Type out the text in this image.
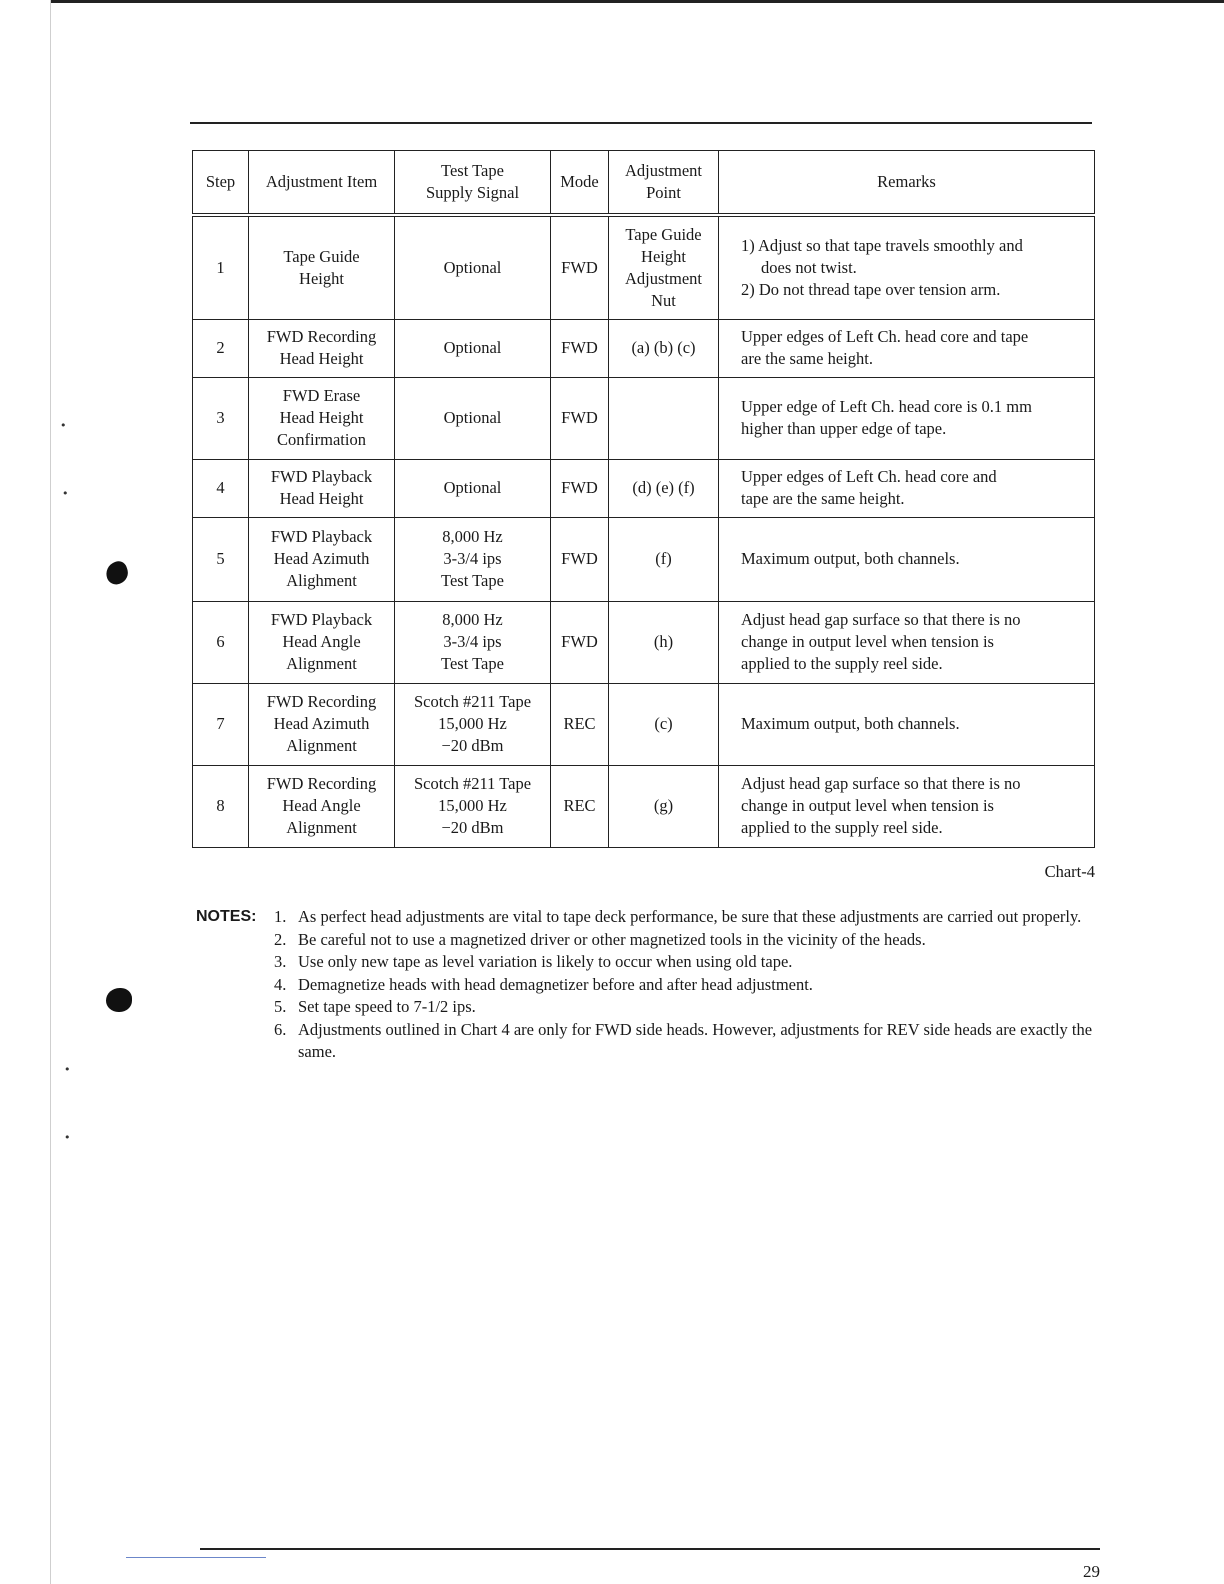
•
•
•
•
Step	Adjustment Item	Test Tape
Supply Signal	Mode	Adjustment
Point	Remarks

1	Tape Guide
Height	Optional	FWD	Tape Guide
Height
Adjustment
Nut	1) Adjust so that tape travels smoothly and
does not twist.
2) Do not thread tape over tension arm.

2	FWD Recording
Head Height	Optional	FWD	(a) (b) (c)	Upper edges of Left Ch. head core and tape
are the same height.

3	FWD Erase
Head Height
Confirmation	Optional	FWD		Upper edge of Left Ch. head core is 0.1 mm
higher than upper edge of tape.

4	FWD Playback
Head Height	Optional	FWD	(d) (e) (f)	Upper edges of Left Ch. head core and
tape are the same height.

5	FWD Playback
Head Azimuth
Alighment	8,000 Hz
3-3/4 ips
Test Tape	FWD	(f)	Maximum output, both channels.

6	FWD Playback
Head Angle
Alignment	8,000 Hz
3-3/4 ips
Test Tape	FWD	(h)	Adjust head gap surface so that there is no
change in output level when tension is
applied to the supply reel side.

7	FWD Recording
Head Azimuth
Alignment	Scotch #211 Tape
15,000 Hz
−20 dBm	REC	(c)	Maximum output, both channels.

8	FWD Recording
Head Angle
Alignment	Scotch #211 Tape
15,000 Hz
−20 dBm	REC	(g)	Adjust head gap surface so that there is no
change in output level when tension is
applied to the supply reel side.
Chart-4
NOTES: 1. As perfect head adjustments are vital to tape deck performance, be sure that these adjustments are carried out properly.
2. Be careful not to use a magnetized driver or other magnetized tools in the vicinity of the heads.
3. Use only new tape as level variation is likely to occur when using old tape.
4. Demagnetize heads with head demagnetizer before and after head adjustment.
5. Set tape speed to 7-1/2 ips.
6. Adjustments outlined in Chart 4 are only for FWD side heads. However, adjustments for REV side heads are exactly the same.
29
